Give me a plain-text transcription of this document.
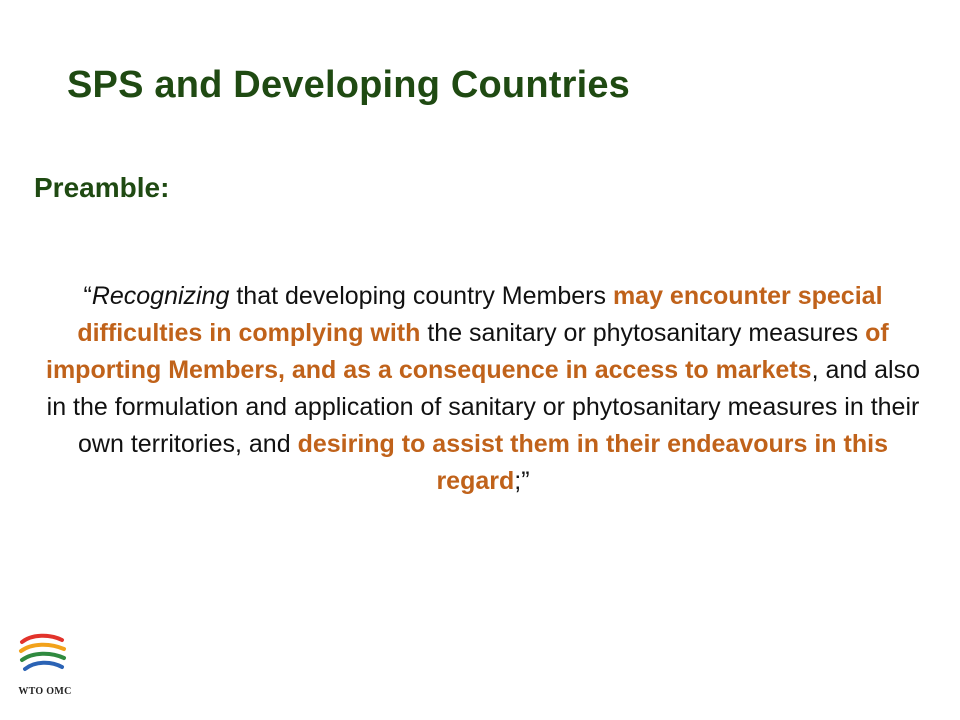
SPS and Developing Countries
Preamble:

“Recognizing that developing country Members may encounter special difficulties in complying with the sanitary or phytosanitary measures of importing Members, and as a consequence in access to markets, and also in the formulation and application of sanitary or phytosanitary measures in their own territories, and desiring to assist them in their endeavours in this regard;”

WTO OMC
